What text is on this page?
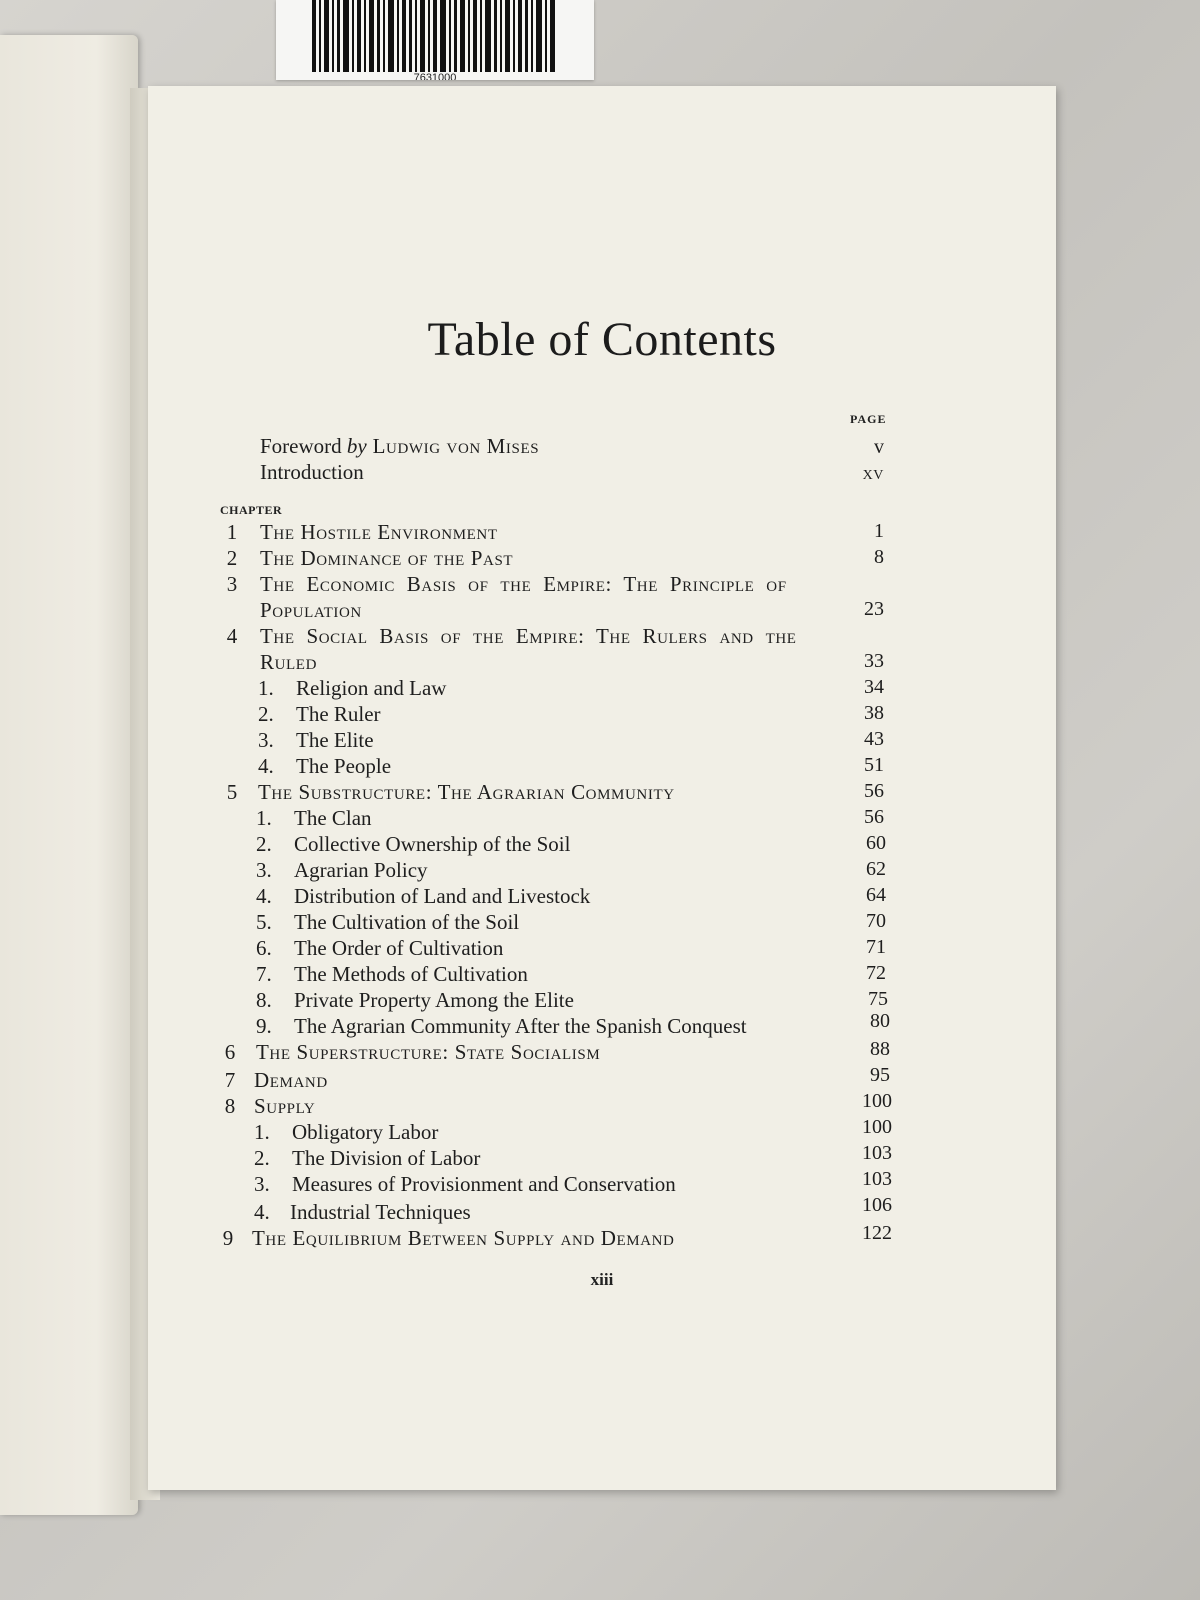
7631000
Table of Contents
PAGE
Foreword by Ludwig von Mises	v
Introduction	xv
CHAPTER
1	The Hostile Environment	1
2	The Dominance of the Past	8
3	The Economic Basis of the Empire: The Principle of
Population	23
4	The Social Basis of the Empire: The Rulers and the
Ruled	33
1. Religion and Law	34
2. The Ruler	38
3. The Elite	43
4. The People	51
5 The Substructure: The Agrarian Community	56
1. The Clan	56
2. Collective Ownership of the Soil	60
3. Agrarian Policy	62
4. Distribution of Land and Livestock	64
5. The Cultivation of the Soil	70
6. The Order of Cultivation	71
7. The Methods of Cultivation	72
8. Private Property Among the Elite	75
9. The Agrarian Community After the Spanish Conquest	80
6 The Superstructure: State Socialism	88
7 Demand	95
8 Supply	100
1. Obligatory Labor	100
2. The Division of Labor	103
3. Measures of Provisionment and Conservation	103
4. Industrial Techniques	106
9 The Equilibrium Between Supply and Demand	122
xiii
